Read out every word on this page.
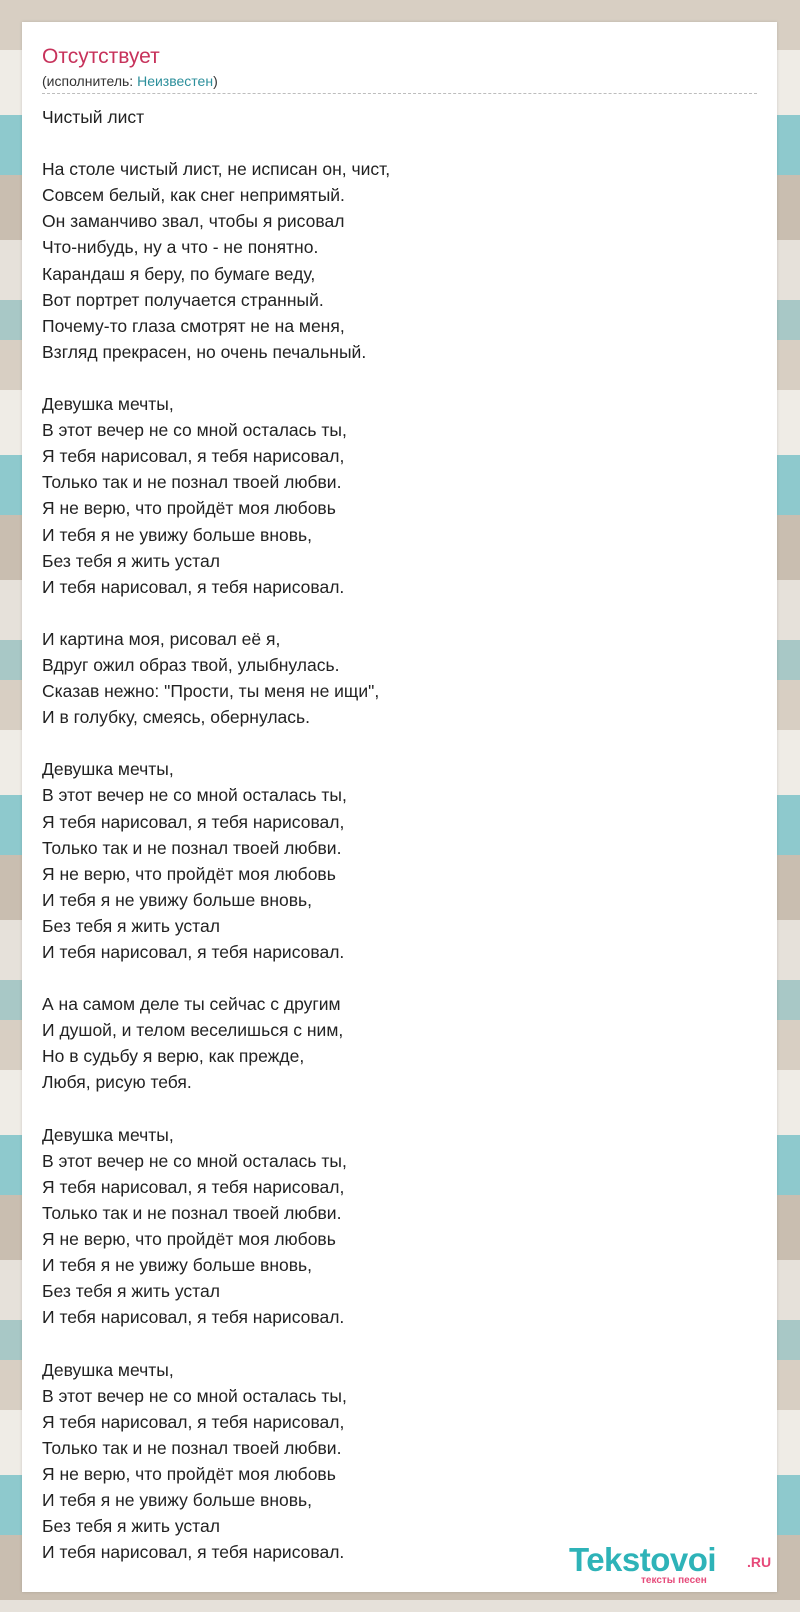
Отсутствует
(исполнитель: Неизвестен)
Чистый лист
На столе чистый лист, не исписан он, чист,
Совсем белый, как снег непримятый.
Он заманчиво звал, чтобы я рисовал
Что-нибудь, ну а что - не понятно.
Карандаш я беру, по бумаге веду,
Вот портрет получается странный.
Почему-то глаза смотрят не на меня,
Взгляд прекрасен, но очень печальный.
Девушка мечты,
В этот вечер не со мной осталась ты,
Я тебя нарисовал, я тебя нарисовал,
Только так и не познал твоей любви.
Я не верю, что пройдёт моя любовь
И тебя я не увижу больше вновь,
Без тебя я жить устал
И тебя нарисовал, я тебя нарисовал.
И картина моя, рисовал её я,
Вдруг ожил образ твой, улыбнулась.
Сказав нежно: "Прости, ты меня не ищи",
И в голубку, смеясь, обернулась.
Девушка мечты,
В этот вечер не со мной осталась ты,
Я тебя нарисовал, я тебя нарисовал,
Только так и не познал твоей любви.
Я не верю, что пройдёт моя любовь
И тебя я не увижу больше вновь,
Без тебя я жить устал
И тебя нарисовал, я тебя нарисовал.
А на самом деле ты сейчас с другим
И душой, и телом веселишься с ним,
Но в судьбу я верю, как прежде,
Любя, рисую тебя.
Девушка мечты,
В этот вечер не со мной осталась ты,
Я тебя нарисовал, я тебя нарисовал,
Только так и не познал твоей любви.
Я не верю, что пройдёт моя любовь
И тебя я не увижу больше вновь,
Без тебя я жить устал
И тебя нарисовал, я тебя нарисовал.
Девушка мечты,
В этот вечер не со мной осталась ты,
Я тебя нарисовал, я тебя нарисовал,
Только так и не познал твоей любви.
Я не верю, что пройдёт моя любовь
И тебя я не увижу больше вновь,
Без тебя я жить устал
И тебя нарисовал, я тебя нарисовал.	Tekstovoi .RU
тексты песен
